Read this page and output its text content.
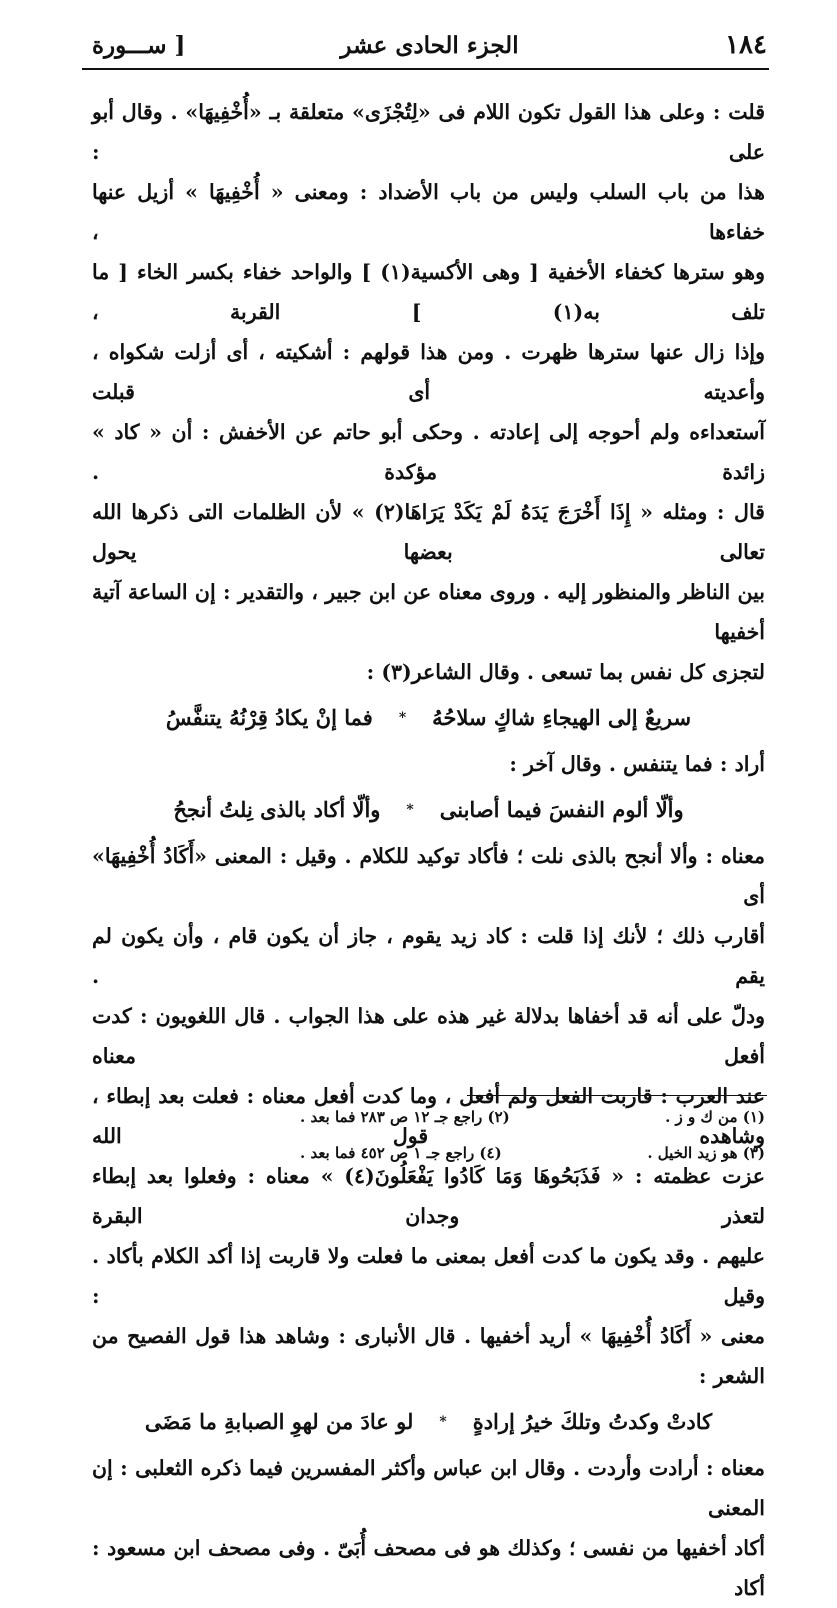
١٨٤
الجزء الحادى عشر
[ ســـورة

قلت : وعلى هذا القول تكون اللام فى «لِتُجْزَى» متعلقة بـ «أُخْفِيهَا» . وقال أبو على :

هذا من باب السلب وليس من باب الأضداد : ومعنى « أُخْفِيهَا » أزيل عنها خفاءها ،

وهو سترها كخفاء الأخفية [ وهى الأكسية(١) ] والواحد خفاء بكسر الخاء [ ما تلف به(١) ] القربة ،

وإذا زال عنها سترها ظهرت . ومن هذا قولهم : أشكيته ، أى أزلت شكواه ، وأعديته أى قبلت

آستعداءه ولم أحوجه إلى إعادته . وحكى أبو حاتم عن الأخفش : أن « كاد » زائدة مؤكدة .

قال : ومثله « إِذَا أَخْرَجَ يَدَهُ لَمْ يَكَدْ يَرَاهَا(٢) » لأن الظلمات التى ذكرها الله تعالى بعضها يحول

بين الناظر والمنظور إليه . وروى معناه عن ابن جبير ، والتقدير : إن الساعة آتية أخفيها

لتجزى كل نفس بما تسعى . وقال الشاعر(٣) :

سريعٌ إلى الهيجاءِ شاكٍ سلاحُهُ
*
فما إنْ يكادُ قِرْنُهُ يتنفَّسُ

أراد : فما يتنفس . وقال آخر :

وألّا ألوم النفسَ فيما أصابنى
*
وألّا أكاد بالذى نِلتُ أنجحُ

معناه : وألا أنجح بالذى نلت ؛ فأكاد توكيد للكلام . وقيل : المعنى «أَكَادُ أُخْفِيهَا» أى

أقارب ذلك ؛ لأنك إذا قلت : كاد زيد يقوم ، جاز أن يكون قام ، وأن يكون لم يقم .

ودلّ على أنه قد أخفاها بدلالة غير هذه على هذا الجواب . قال اللغويون : كدت أفعل معناه

عند العرب : قاربت الفعل ولم أفعل ، وما كدت أفعل معناه : فعلت بعد إبطاء ، وشاهده قول الله

عزت عظمته : « فَذَبَحُوهَا وَمَا كَادُوا يَفْعَلُونَ(٤) » معناه : وفعلوا بعد إبطاء لتعذر وجدان البقرة

عليهم . وقد يكون ما كدت أفعل بمعنى ما فعلت ولا قاربت إذا أكد الكلام بأكاد . وقيل :

معنى « أَكَادُ أُخْفِيهَا » أريد أخفيها . قال الأنبارى : وشاهد هذا قول الفصيح من الشعر :

كادتْ وكدتُ وتلكَ خيرُ إرادةٍ
*
لو عادَ من لهوِ الصبابةِ ما مَضَى

معناه : أرادت وأردت . وقال ابن عباس وأكثر المفسرين فيما ذكره الثعلبى : إن المعنى

أكاد أخفيها من نفسى ؛ وكذلك هو فى مصحف أُبَىّ . وفى مصحف ابن مسعود : أكاد

(١) من ك و ز .
(٢) راجع جـ ١٢ ص ٢٨٣ فما بعد .
(٣) هو زيد الخيل .
(٤) راجع جـ ١ ص ٤٥٢ فما بعد .
